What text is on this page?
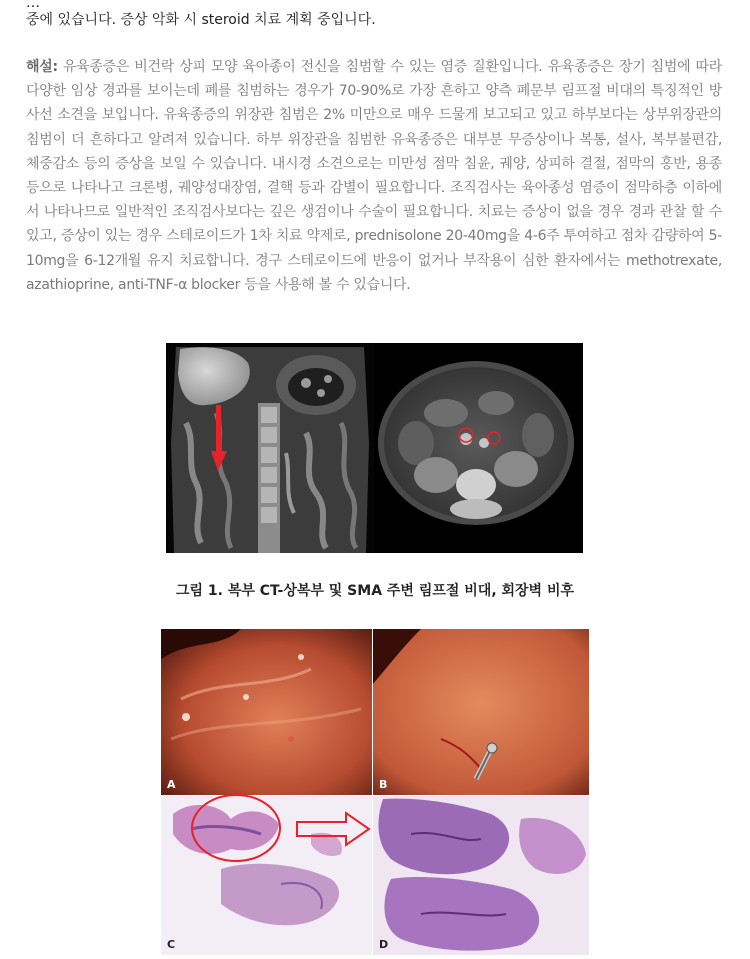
…
중에 있습니다. 증상 악화 시 steroid 치료 계획 중입니다.
해설: 유육종증은 비건락 상피 모양 육아종이 전신을 침범할 수 있는 염증 질환입니다. 유육종증은 장기 침범에 따라 다양한 임상 경과를 보이는데 폐를 침범하는 경우가 70-90%로 가장 흔하고 양측 폐문부 림프절 비대의 특징적인 방사선 소견을 보입니다. 유육종증의 위장관 침범은 2% 미만으로 매우 드물게 보고되고 있고 하부보다는 상부위장관의 침범이 더 흔하다고 알려져 있습니다. 하부 위장관을 침범한 유육종증은 대부분 무증상이나 복통, 설사, 복부불편감, 체중감소 등의 증상을 보일 수 있습니다. 내시경 소견으로는 미만성 점막 침윤, 궤양, 상피하 결절, 점막의 홍반, 용종 등으로 나타나고 크론병, 궤양성대장염, 결핵 등과 감별이 필요합니다. 조직검사는 육아종성 염증이 점막하층 이하에서 나타나므로 일반적인 조직검사보다는 깊은 생검이나 수술이 필요합니다. 치료는 증상이 없을 경우 경과 관찰 할 수 있고, 증상이 있는 경우 스테로이드가 1차 치료 약제로, prednisolone 20-40mg을 4-6주 투여하고 점차 감량하여 5-10mg을 6-12개월 유지 치료합니다. 경구 스테로이드에 반응이 없거나 부작용이 심한 환자에서는 methotrexate, azathioprine, anti-TNF-α blocker 등을 사용해 볼 수 있습니다.
그림 1. 복부 CT-상복부 및 SMA 주변 림프절 비대, 회장벽 비후
A	B
C	D
